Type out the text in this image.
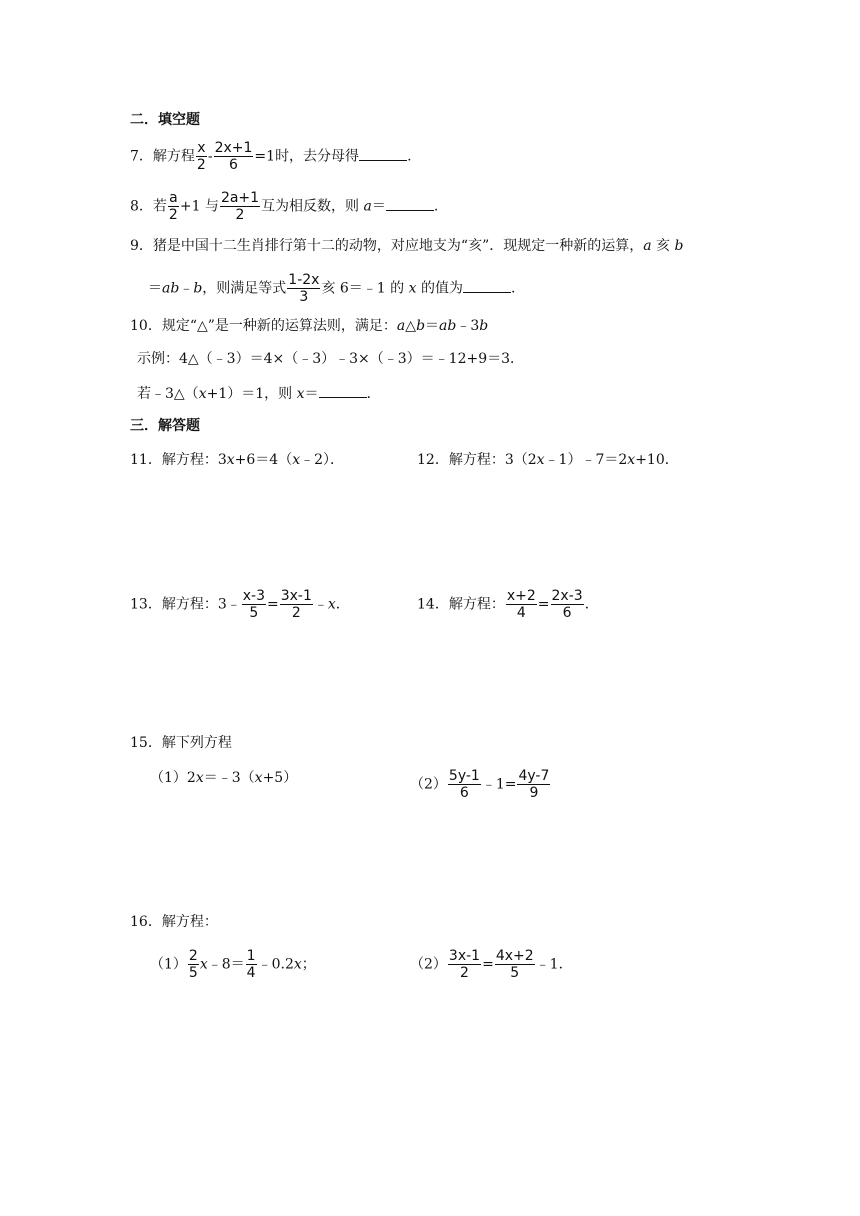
二．填空题
7．解方程 $\frac{x}{2} - \frac{2x+1}{6} =1$时，去分母得	.
8．若 $\frac{a}{2} +1$ 与 $\frac{2a+1}{2}$ 互为相反数，则 a＝	.
9．猪是中国十二生肖排行第十二的动物，对应地支为“亥”．现规定一种新的运算，a 亥 b
＝ab﹣b，则满足等式 $\frac{1-2x}{3}$ 亥 6＝﹣1 的 x 的值为	.
10．规定“△”是一种新的运算法则，满足：a△b＝ab﹣3b
示例：4△（﹣3）＝4×（﹣3）﹣3×（﹣3）＝﹣12+9＝3．
若﹣3△（x+1）＝1，则 x＝	.
三．解答题
11．解方程：3x+6＝4（x﹣2）．	12．解方程：3（2x﹣1）﹣7＝2x+10．
13．解方程：3﹣ $\frac{x-3}{5} = \frac{3x-1}{2}$ ﹣x．	14．解方程： $\frac{x+2}{4} = \frac{2x-3}{6}$ .
15．解下列方程
（1）2x＝﹣3（x+5）	$(2) \frac{5y-1}{6}$ ﹣1= $\frac{4y-7}{9}$
16．解方程：
$(1) \frac{2}{5}$ x﹣8＝ $\frac{1}{4}$ ﹣0.2x；	$(2) \frac{3x-1}{2} = \frac{4x+2}{5}$ ﹣1．
